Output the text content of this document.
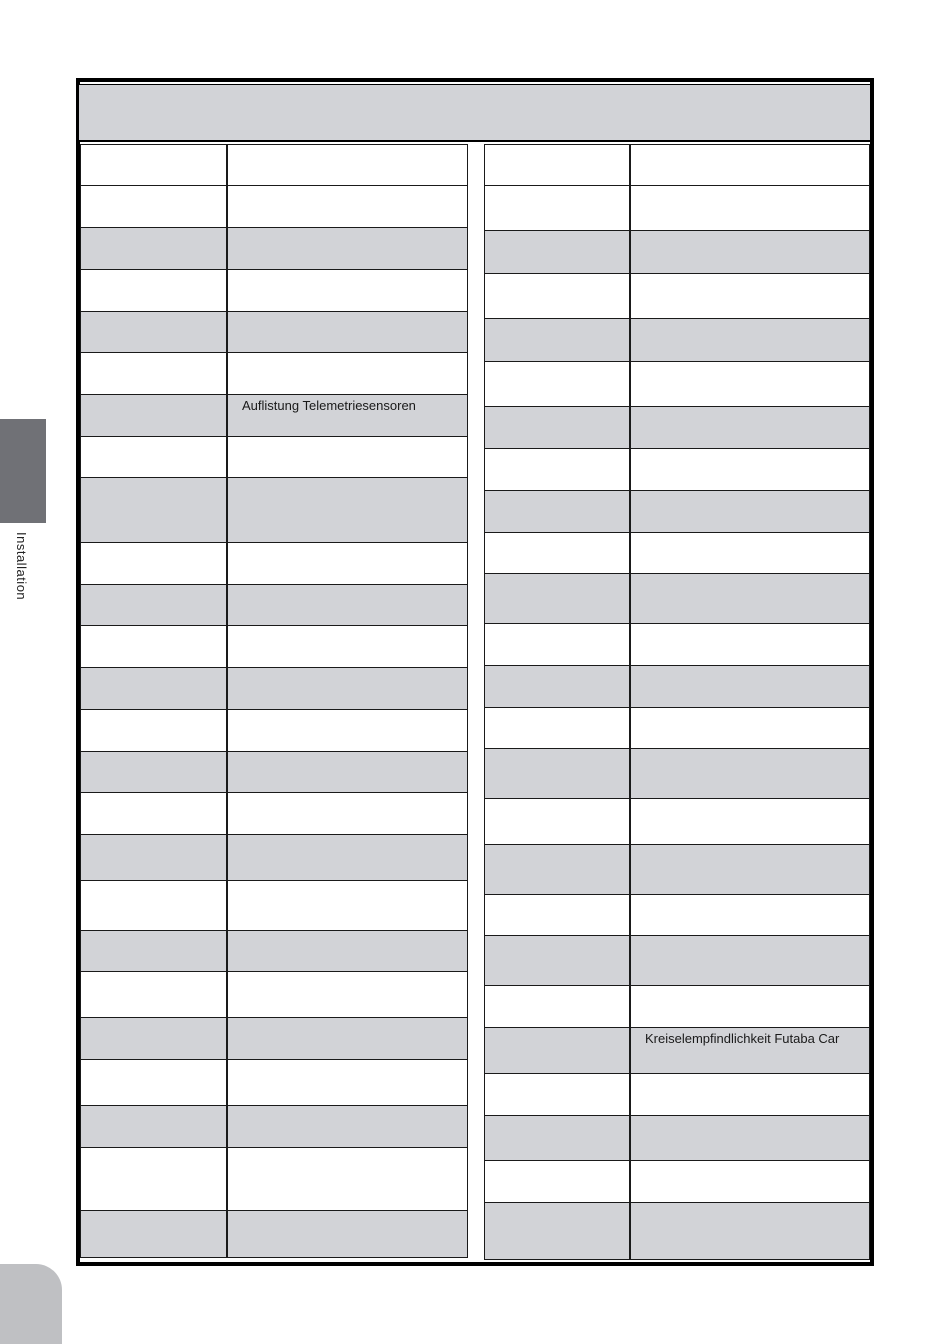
Installation
Auflistung Telemetriesensoren
Kreiselempfindlichkeit Futaba Car
